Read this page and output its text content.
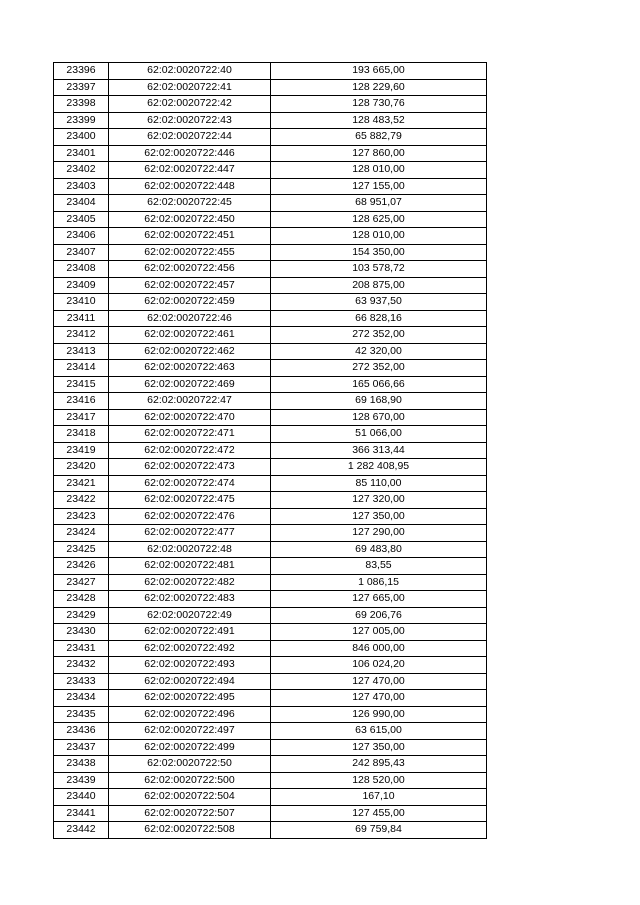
23396	62:02:0020722:40	193 665,00
23397	62:02:0020722:41	128 229,60
23398	62:02:0020722:42	128 730,76
23399	62:02:0020722:43	128 483,52
23400	62:02:0020722:44	65 882,79
23401	62:02:0020722:446	127 860,00
23402	62:02:0020722:447	128 010,00
23403	62:02:0020722:448	127 155,00
23404	62:02:0020722:45	68 951,07
23405	62:02:0020722:450	128 625,00
23406	62:02:0020722:451	128 010,00
23407	62:02:0020722:455	154 350,00
23408	62:02:0020722:456	103 578,72
23409	62:02:0020722:457	208 875,00
23410	62:02:0020722:459	63 937,50
23411	62:02:0020722:46	66 828,16
23412	62:02:0020722:461	272 352,00
23413	62:02:0020722:462	42 320,00
23414	62:02:0020722:463	272 352,00
23415	62:02:0020722:469	165 066,66
23416	62:02:0020722:47	69 168,90
23417	62:02:0020722:470	128 670,00
23418	62:02:0020722:471	51 066,00
23419	62:02:0020722:472	366 313,44
23420	62:02:0020722:473	1 282 408,95
23421	62:02:0020722:474	85 110,00
23422	62:02:0020722:475	127 320,00
23423	62:02:0020722:476	127 350,00
23424	62:02:0020722:477	127 290,00
23425	62:02:0020722:48	69 483,80
23426	62:02:0020722:481	83,55
23427	62:02:0020722:482	1 086,15
23428	62:02:0020722:483	127 665,00
23429	62:02:0020722:49	69 206,76
23430	62:02:0020722:491	127 005,00
23431	62:02:0020722:492	846 000,00
23432	62:02:0020722:493	106 024,20
23433	62:02:0020722:494	127 470,00
23434	62:02:0020722:495	127 470,00
23435	62:02:0020722:496	126 990,00
23436	62:02:0020722:497	63 615,00
23437	62:02:0020722:499	127 350,00
23438	62:02:0020722:50	242 895,43
23439	62:02:0020722:500	128 520,00
23440	62:02:0020722:504	167,10
23441	62:02:0020722:507	127 455,00
23442	62:02:0020722:508	69 759,84
